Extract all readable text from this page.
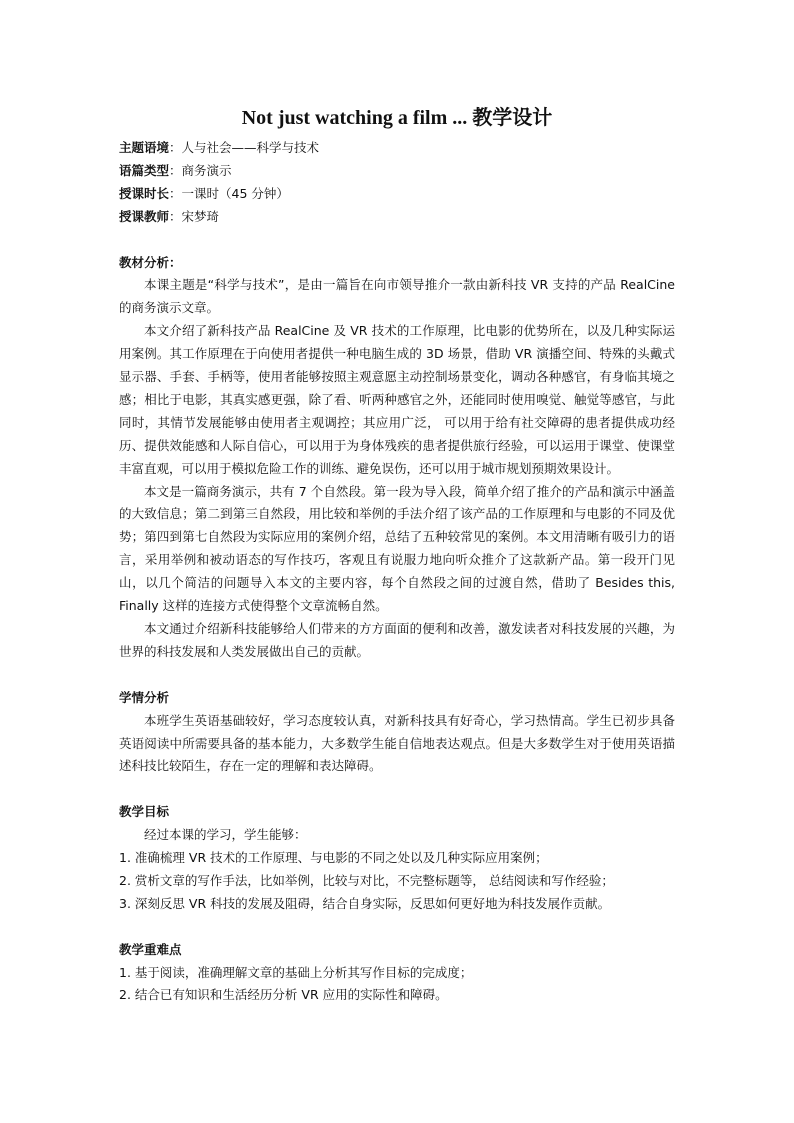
Not just watching a film ... 教学设计
主题语境：人与社会——科学与技术
语篇类型：商务演示
授课时长：一课时（45 分钟）
授课教师：宋梦琦
教材分析：

本课主题是“科学与技术”，是由一篇旨在向市领导推介一款由新科技 VR 支持的产品 RealCine 的商务演示文章。

本文介绍了新科技产品 RealCine 及 VR 技术的工作原理，比电影的优势所在，以及几种实际运用案例。其工作原理在于向使用者提供一种电脑生成的 3D 场景，借助 VR 演播空间、特殊的头戴式显示器、手套、手柄等，使用者能够按照主观意愿主动控制场景变化，调动各种感官，有身临其境之感；相比于电影，其真实感更强，除了看、听两种感官之外，还能同时使用嗅觉、触觉等感官，与此同时，其情节发展能够由使用者主观调控；其应用广泛， 可以用于给有社交障碍的患者提供成功经历、提供效能感和人际自信心，可以用于为身体残疾的患者提供旅行经验，可以运用于课堂、使课堂丰富直观，可以用于模拟危险工作的训练、避免误伤，还可以用于城市规划预期效果设计。

本文是一篇商务演示，共有 7 个自然段。第一段为导入段，简单介绍了推介的产品和演示中涵盖的大致信息；第二到第三自然段，用比较和举例的手法介绍了该产品的工作原理和与电影的不同及优势；第四到第七自然段为实际应用的案例介绍，总结了五种较常见的案例。本文用清晰有吸引力的语言，采用举例和被动语态的写作技巧，客观且有说服力地向听众推介了这款新产品。第一段开门见山，以几个简洁的问题导入本文的主要内容，每个自然段之间的过渡自然，借助了 Besides this, Finally 这样的连接方式使得整个文章流畅自然。

本文通过介绍新科技能够给人们带来的方方面面的便利和改善，激发读者对科技发展的兴趣，为世界的科技发展和人类发展做出自己的贡献。

学情分析

本班学生英语基础较好，学习态度较认真，对新科技具有好奇心，学习热情高。学生已初步具备英语阅读中所需要具备的基本能力，大多数学生能自信地表达观点。但是大多数学生对于使用英语描述科技比较陌生，存在一定的理解和表达障碍。

教学目标

经过本课的学习，学生能够：

1. 准确梳理 VR 技术的工作原理、与电影的不同之处以及几种实际应用案例；

2. 赏析文章的写作手法，比如举例，比较与对比，不完整标题等， 总结阅读和写作经验；

3. 深刻反思 VR 科技的发展及阻碍，结合自身实际，反思如何更好地为科技发展作贡献。

教学重难点

1. 基于阅读，准确理解文章的基础上分析其写作目标的完成度；

2. 结合已有知识和生活经历分析 VR 应用的实际性和障碍。
